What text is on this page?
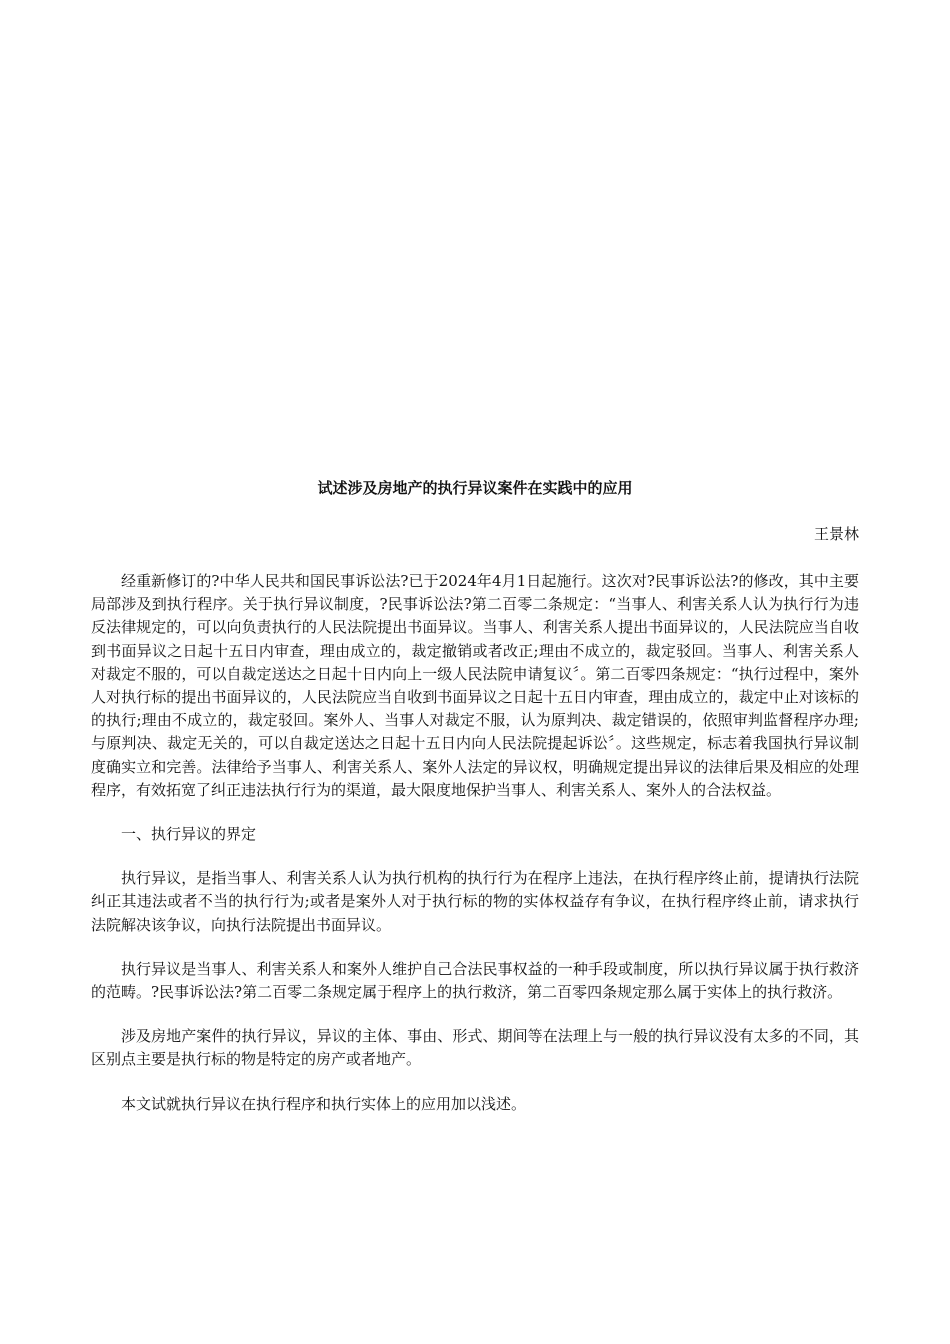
试述涉及房地产的执行异议案件在实践中的应用
王景林

经重新修订的?中华人民共和国民事诉讼法?已于2024年4月1日起施行。这次对?民事诉讼法?的修改，其中主要局部涉及到执行程序。关于执行异议制度，?民事诉讼法?第二百零二条规定：“当事人、利害关系人认为执行行为违反法律规定的，可以向负责执行的人民法院提出书面异议。当事人、利害关系人提出书面异议的，人民法院应当自收到书面异议之日起十五日内审查，理由成立的，裁定撤销或者改正;理由不成立的，裁定驳回。当事人、利害关系人对裁定不服的，可以自裁定送达之日起十日内向上一级人民法院申请复议〞。第二百零四条规定：“执行过程中，案外人对执行标的提出书面异议的，人民法院应当自收到书面异议之日起十五日内审查，理由成立的，裁定中止对该标的的执行;理由不成立的，裁定驳回。案外人、当事人对裁定不服，认为原判决、裁定错误的，依照审判监督程序办理;与原判决、裁定无关的，可以自裁定送达之日起十五日内向人民法院提起诉讼〞。这些规定，标志着我国执行异议制度确实立和完善。法律给予当事人、利害关系人、案外人法定的异议权，明确规定提出异议的法律后果及相应的处理程序，有效拓宽了纠正违法执行行为的渠道，最大限度地保护当事人、利害关系人、案外人的合法权益。

一、执行异议的界定

执行异议，是指当事人、利害关系人认为执行机构的执行行为在程序上违法，在执行程序终止前，提请执行法院纠正其违法或者不当的执行行为;或者是案外人对于执行标的物的实体权益存有争议，在执行程序终止前，请求执行法院解决该争议，向执行法院提出书面异议。

执行异议是当事人、利害关系人和案外人维护自己合法民事权益的一种手段或制度，所以执行异议属于执行救济的范畴。?民事诉讼法?第二百零二条规定属于程序上的执行救济，第二百零四条规定那么属于实体上的执行救济。

涉及房地产案件的执行异议，异议的主体、事由、形式、期间等在法理上与一般的执行异议没有太多的不同，其区别点主要是执行标的物是特定的房产或者地产。

本文试就执行异议在执行程序和执行实体上的应用加以浅述。
